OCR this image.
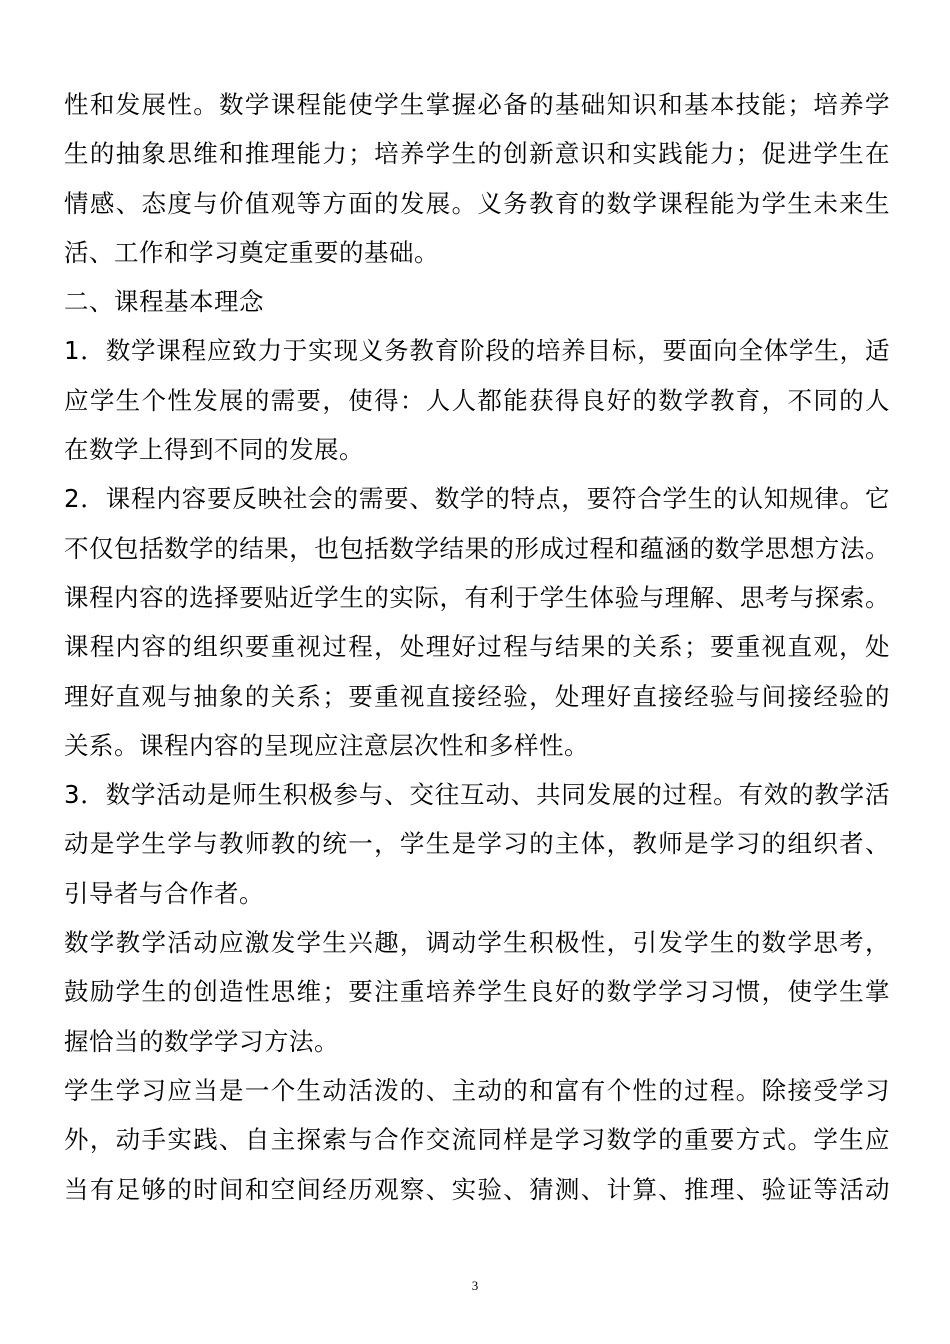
性和发展性。数学课程能使学生掌握必备的基础知识和基本技能；培养学
生的抽象思维和推理能力；培养学生的创新意识和实践能力；促进学生在
情感、态度与价值观等方面的发展。义务教育的数学课程能为学生未来生
活、工作和学习奠定重要的基础。
二、课程基本理念
1．数学课程应致力于实现义务教育阶段的培养目标，要面向全体学生，适
应学生个性发展的需要，使得：人人都能获得良好的数学教育，不同的人
在数学上得到不同的发展。
2．课程内容要反映社会的需要、数学的特点，要符合学生的认知规律。它
不仅包括数学的结果，也包括数学结果的形成过程和蕴涵的数学思想方法。
课程内容的选择要贴近学生的实际，有利于学生体验与理解、思考与探索。
课程内容的组织要重视过程，处理好过程与结果的关系；要重视直观，处
理好直观与抽象的关系；要重视直接经验，处理好直接经验与间接经验的
关系。课程内容的呈现应注意层次性和多样性。
3．数学活动是师生积极参与、交往互动、共同发展的过程。有效的教学活
动是学生学与教师教的统一，学生是学习的主体，教师是学习的组织者、
引导者与合作者。
数学教学活动应激发学生兴趣，调动学生积极性，引发学生的数学思考，
鼓励学生的创造性思维；要注重培养学生良好的数学学习习惯，使学生掌
握恰当的数学学习方法。
学生学习应当是一个生动活泼的、主动的和富有个性的过程。除接受学习
外，动手实践、自主探索与合作交流同样是学习数学的重要方式。学生应
当有足够的时间和空间经历观察、实验、猜测、计算、推理、验证等活动
3
